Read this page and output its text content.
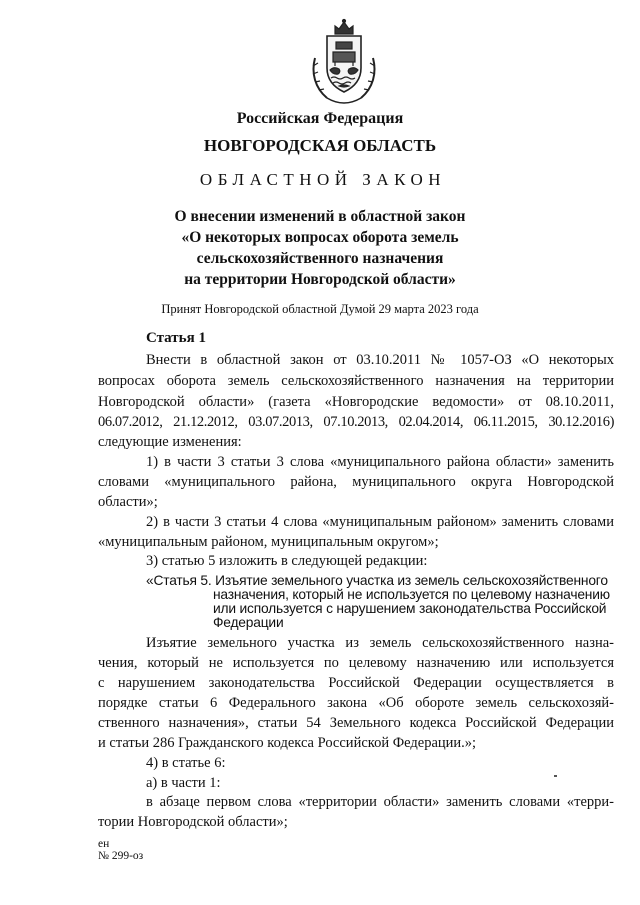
Российская Федерация
НОВГОРОДСКАЯ ОБЛАСТЬ
ОБЛАСТНОЙ ЗАКОН
О внесении изменений в областной закон
«О некоторых вопросах оборота земель
сельскохозяйственного назначения
на территории Новгородской области»
Принят Новгородской областной Думой 29 марта 2023 года
Статья 1
Внести в областной закон от 03.10.2011 № 1057-ОЗ «О некоторых
вопросах оборота земель сельскохозяйственного назначения на территории
Новгородской области» (газета «Новгородские ведомости» от 08.10.2011,
06.07.2012, 21.12.2012, 03.07.2013, 07.10.2013, 02.04.2014, 06.11.2015, 30.12.2016)
следующие изменения:
1) в части 3 статьи 3 слова «муниципального района области» заменить
словами «муниципального района, муниципального округа Новгородской
области»;
2) в части 3 статьи 4 слова «муниципальным районом» заменить словами
«муниципальным районом, муниципальным округом»;
3) статью 5 изложить в следующей редакции:
«Статья 5. Изъятие земельного участка из земель сельскохозяйственного
назначения, который не используется по целевому назначению
или используется с нарушением законодательства Российской
Федерации
Изъятие земельного участка из земель сельскохозяйственного назна-
чения, который не используется по целевому назначению или используется
с нарушением законодательства Российской Федерации осуществляется в
порядке статьи 6 Федерального закона «Об обороте земель сельскохозяй-
ственного назначения», статьи 54 Земельного кодекса Российской Федерации
и статьи 286 Гражданского кодекса Российской Федерации.»;
4) в статье 6:
а) в части 1:
в абзаце первом слова «территории области» заменить словами «терри-
тории Новгородской области»;
ен
№ 299-оз
